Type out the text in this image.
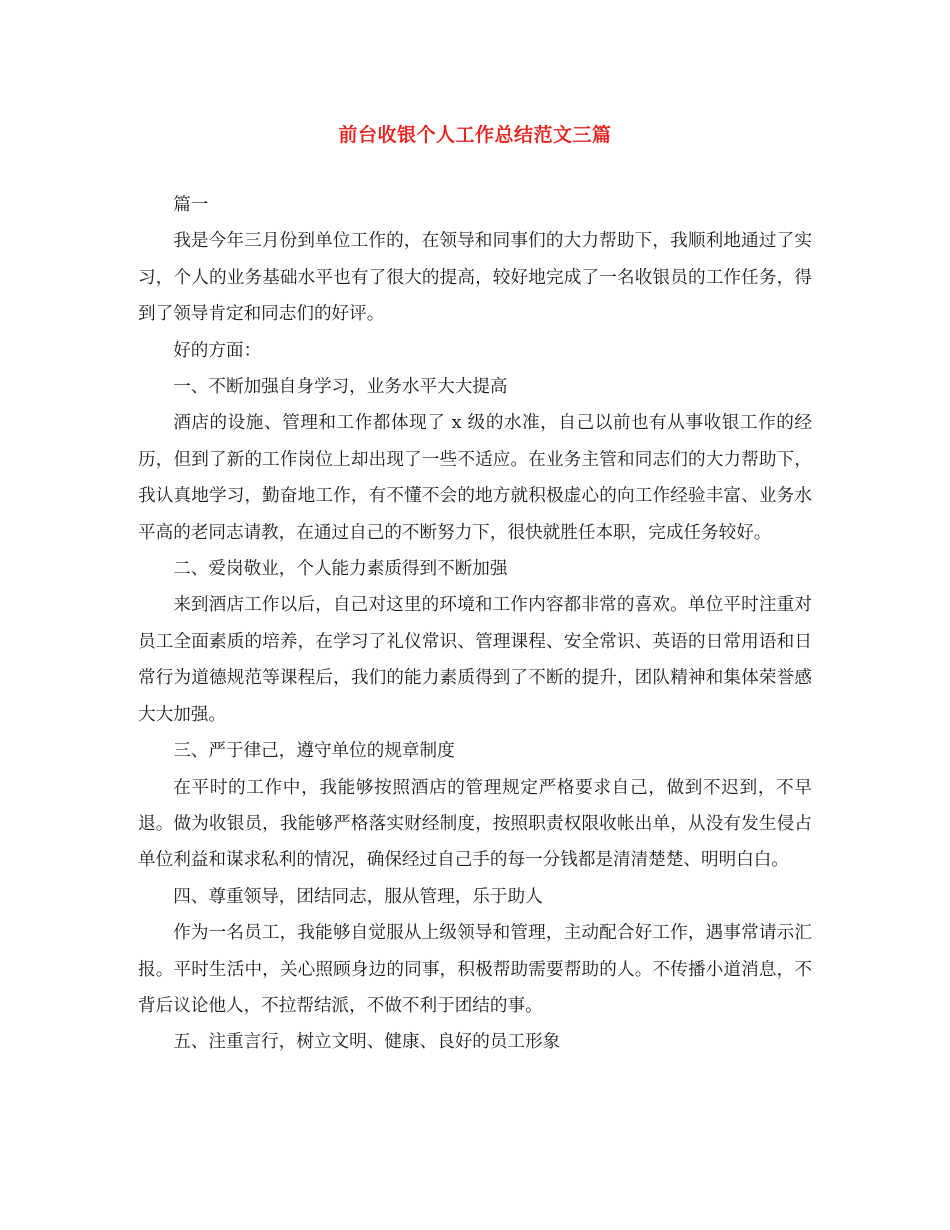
前台收银个人工作总结范文三篇

篇一

我是今年三月份到单位工作的，在领导和同事们的大力帮助下，我顺利地通过了实习，个人的业务基础水平也有了很大的提高，较好地完成了一名收银员的工作任务，得到了领导肯定和同志们的好评。

好的方面：

一、不断加强自身学习，业务水平大大提高

酒店的设施、管理和工作都体现了 x 级的水准，自己以前也有从事收银工作的经历，但到了新的工作岗位上却出现了一些不适应。在业务主管和同志们的大力帮助下，我认真地学习，勤奋地工作，有不懂不会的地方就积极虚心的向工作经验丰富、业务水平高的老同志请教，在通过自己的不断努力下，很快就胜任本职，完成任务较好。

二、爱岗敬业，个人能力素质得到不断加强

来到酒店工作以后，自己对这里的环境和工作内容都非常的喜欢。单位平时注重对员工全面素质的培养，在学习了礼仪常识、管理课程、安全常识、英语的日常用语和日常行为道德规范等课程后，我们的能力素质得到了不断的提升，团队精神和集体荣誉感大大加强。

三、严于律己，遵守单位的规章制度

在平时的工作中，我能够按照酒店的管理规定严格要求自己，做到不迟到，不早退。做为收银员，我能够严格落实财经制度，按照职责权限收帐出单，从没有发生侵占单位利益和谋求私利的情况，确保经过自己手的每一分钱都是清清楚楚、明明白白。

四、尊重领导，团结同志，服从管理，乐于助人

作为一名员工，我能够自觉服从上级领导和管理，主动配合好工作，遇事常请示汇报。平时生活中，关心照顾身边的同事，积极帮助需要帮助的人。不传播小道消息，不背后议论他人，不拉帮结派，不做不利于团结的事。

五、注重言行，树立文明、健康、良好的员工形象
